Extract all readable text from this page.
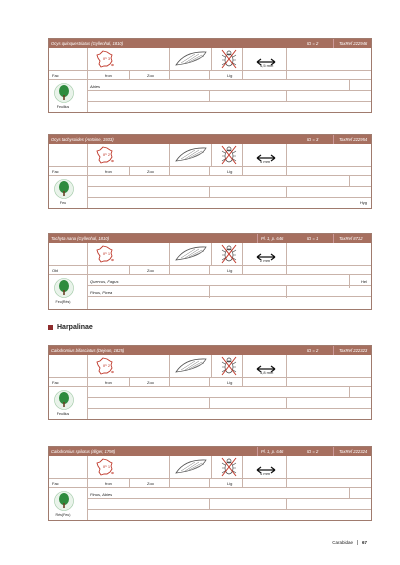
Ocys quinquestriatus (Gyllenhal, 1810)	ID = 2	TaxRef 222946
IP 3
4,5 mm
Fac	fron	Zoo	Lig
Feuillus
Abies
Ocys tachysoides (Antoine, 1933)	ID = 3	TaxRef 222954
IP 2
5 mm
Fac	fron	Zoo	Lig
Feu	Hyg
Tachyta nana (Gyllenhal, 1810)	Pl. 1, p. 646	ID = 1	TaxRef 8712
IP 1
2 mm
Obl	Zoo	Lig
Feu(Rés)
Quercus, Fagus
Pinus, Picea
Hel
Harpalinae
Calodromius bifasciatus (Dejean, 1825)	ID = 2	TaxRef 222323
IP 2
3,8 mm
Fac	fron	Zoo	Lig
Feuillus
Calodromius spilotus (Illiger, 1798)	Pl. 1, p. 646	ID = 2	TaxRef 222324
IP 1
4 mm
Fac	fron	Zoo	Lig
Rés(Feu)
Pinus, Abies
Carabidae	67
